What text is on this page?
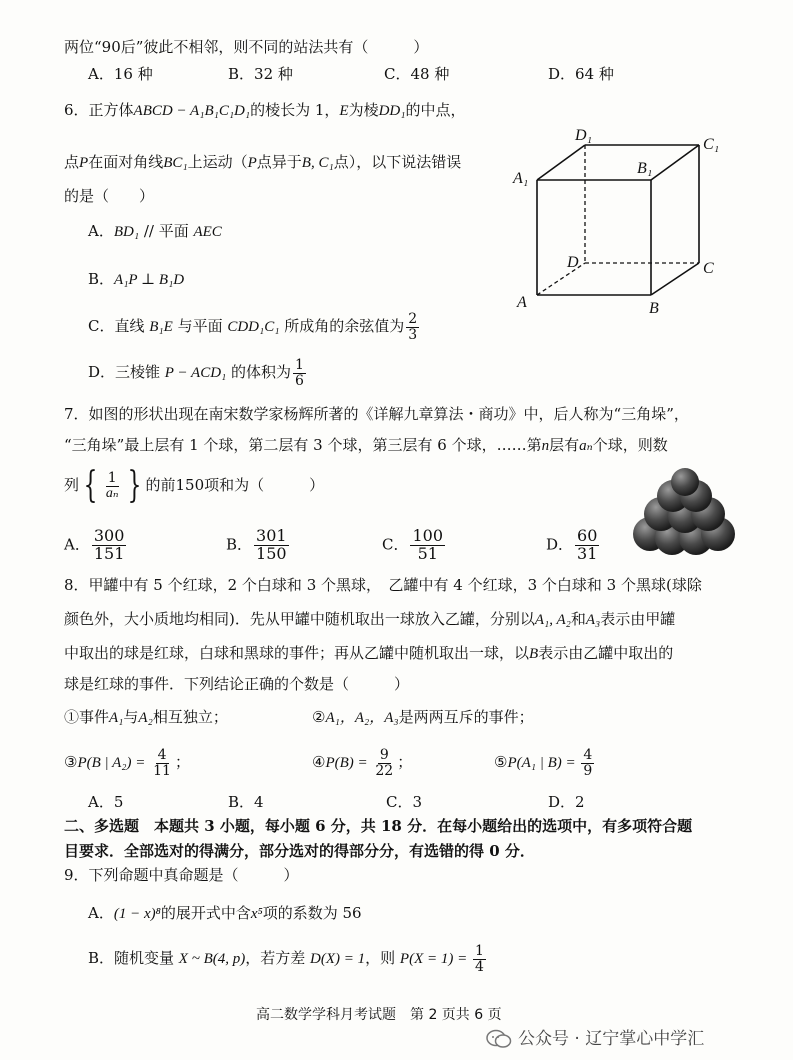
两位“90后”彼此不相邻，则不同的站法共有（　　　）
A．16 种	B．32 种	C．48 种	D．64 种
6．正方体ABCD − A₁B₁C₁D₁的棱长为 1，E为棱DD₁的中点，
点P在面对角线BC₁上运动（P点异于B, C₁点），以下说法错误
的是（　　）
A．BD₁ // 平面 AEC
B．A₁P ⊥ B₁D
C．直线 B₁E 与平面 CDD₁C₁ 所成角的余弦值为 $\frac{2}{3}$
D．三棱锥 P − ACD₁ 的体积为 $\frac{1}{6}$
D₁
C₁
A₁
B₁
D	C
A	B
7．如图的形状出现在南宋数学家杨辉所著的《详解九章算法・商功》中，后人称为“三角垛”，
“三角垛”最上层有 1 个球，第二层有 3 个球，第三层有 6 个球，……第n层有aₙ个球，则数
列 { $\frac{1}{\text{aₙ}}$ } 的前150项和为（　　　）
A． $\frac{300}{151}$	B． $\frac{301}{150}$	C． $\frac{100}{51}$	D． $\frac{60}{31}$
8．甲罐中有 5 个红球，2 个白球和 3 个黑球，　乙罐中有 4 个红球，3 个白球和 3 个黑球(球除
颜色外，大小质地均相同)．先从甲罐中随机取出一球放入乙罐，分别以A₁, A₂和A₃表示由甲罐
中取出的球是红球，白球和黑球的事件；再从乙罐中随机取出一球，以B表示由乙罐中取出的
球是红球的事件．下列结论正确的个数是（　　　）
①事件A₁与A₂相互独立；	②A₁，A₂，A₃是两两互斥的事件；
③P(B | $A_2) = \frac{4}{11}$ ；	④P(B) = $\frac{9}{22}$ ；	⑤P(A₁ | $B) = \frac{4}{9}$
A．5	B．4	C．3	D．2
二、多选题　本题共 3 小题，每小题 6 分，共 18 分．在每小题给出的选项中，有多项符合题
目要求．全部选对的得满分，部分选对的得部分分，有选错的得 0 分．
9．下列命题中真命题是（　　　）
A．(1 − x)⁸的展开式中含x⁵项的系数为 56
B．随机变量 X ~ B(4, p)，若方差 D(X) = 1，则 $P(X = 1) = \frac{1}{4}$
高二数学学科月考试题　第 2 页共 6 页
公众号 · 辽宁掌心中学汇
